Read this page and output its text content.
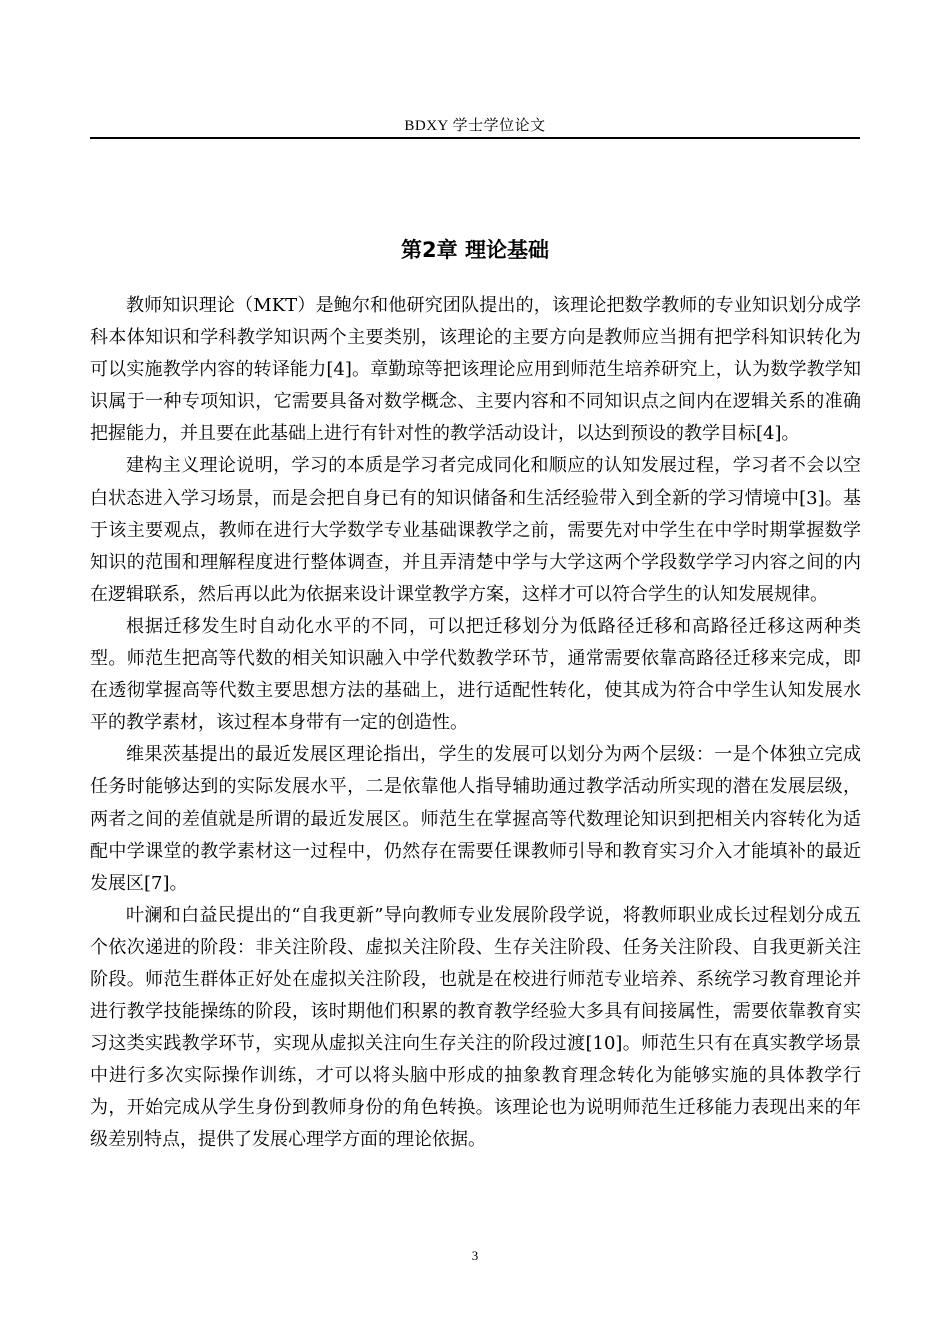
BDXY 学士学位论文
第2章 理论基础

教师知识理论（MKT）是鲍尔和他研究团队提出的，该理论把数学教师的专业知识划分成学科本体知识和学科教学知识两个主要类别，该理论的主要方向是教师应当拥有把学科知识转化为可以实施教学内容的转译能力[4]。章勤琼等把该理论应用到师范生培养研究上，认为数学教学知识属于一种专项知识，它需要具备对数学概念、主要内容和不同知识点之间内在逻辑关系的准确把握能力，并且要在此基础上进行有针对性的教学活动设计，以达到预设的教学目标[4]。

建构主义理论说明，学习的本质是学习者完成同化和顺应的认知发展过程，学习者不会以空白状态进入学习场景，而是会把自身已有的知识储备和生活经验带入到全新的学习情境中[3]。基于该主要观点，教师在进行大学数学专业基础课教学之前，需要先对中学生在中学时期掌握数学知识的范围和理解程度进行整体调查，并且弄清楚中学与大学这两个学段数学学习内容之间的内在逻辑联系，然后再以此为依据来设计课堂教学方案，这样才可以符合学生的认知发展规律。

根据迁移发生时自动化水平的不同，可以把迁移划分为低路径迁移和高路径迁移这两种类型。师范生把高等代数的相关知识融入中学代数教学环节，通常需要依靠高路径迁移来完成，即在透彻掌握高等代数主要思想方法的基础上，进行适配性转化，使其成为符合中学生认知发展水平的教学素材，该过程本身带有一定的创造性。

维果茨基提出的最近发展区理论指出，学生的发展可以划分为两个层级：一是个体独立完成任务时能够达到的实际发展水平，二是依靠他人指导辅助通过教学活动所实现的潜在发展层级，两者之间的差值就是所谓的最近发展区。师范生在掌握高等代数理论知识到把相关内容转化为适配中学课堂的教学素材这一过程中，仍然存在需要任课教师引导和教育实习介入才能填补的最近发展区[7]。

叶澜和白益民提出的“自我更新”导向教师专业发展阶段学说，将教师职业成长过程划分成五个依次递进的阶段：非关注阶段、虚拟关注阶段、生存关注阶段、任务关注阶段、自我更新关注阶段。师范生群体正好处在虚拟关注阶段，也就是在校进行师范专业培养、系统学习教育理论并进行教学技能操练的阶段，该时期他们积累的教育教学经验大多具有间接属性，需要依靠教育实习这类实践教学环节，实现从虚拟关注向生存关注的阶段过渡[10]。师范生只有在真实教学场景中进行多次实际操作训练，才可以将头脑中形成的抽象教育理念转化为能够实施的具体教学行为，开始完成从学生身份到教师身份的角色转换。该理论也为说明师范生迁移能力表现出来的年级差别特点，提供了发展心理学方面的理论依据。

3
